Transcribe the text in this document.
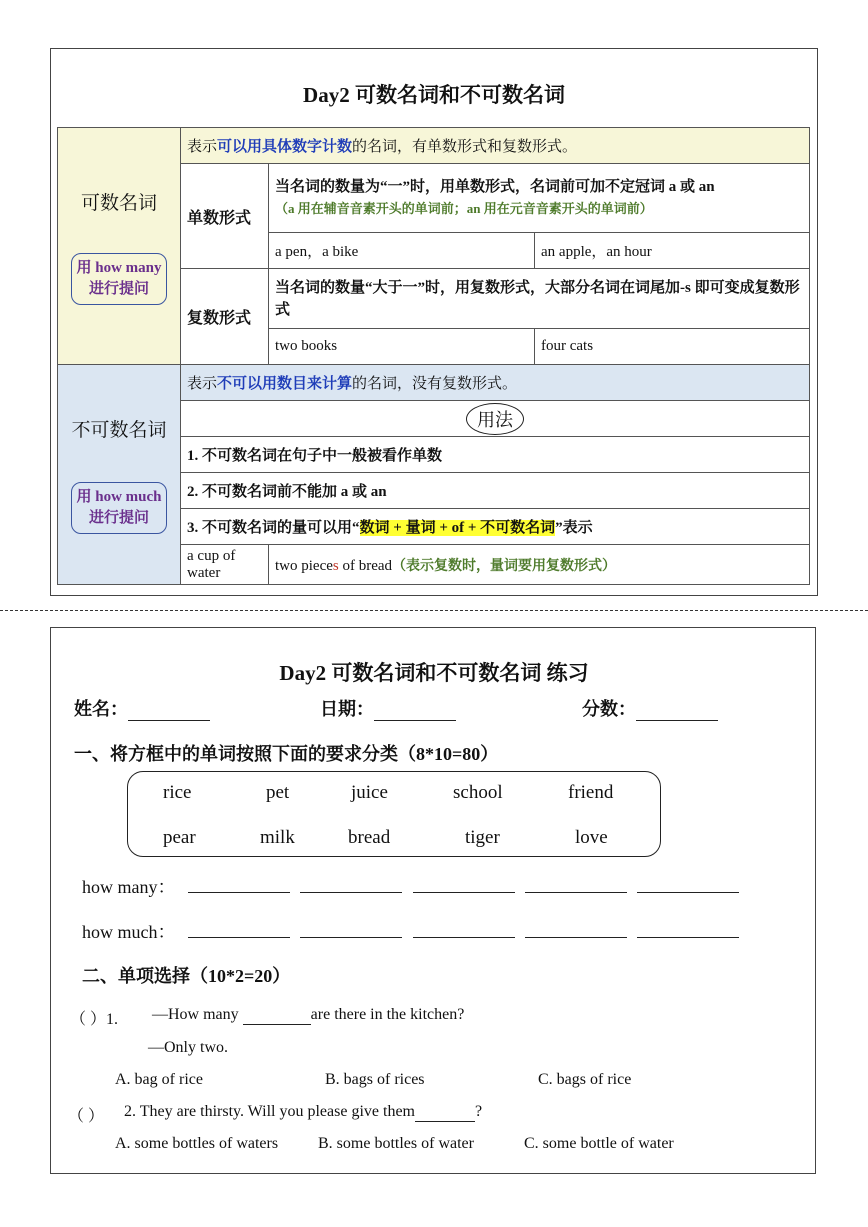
Day2 可数名词和不可数名词
可数名词
用 how many
进行提问	表示可以用具体数字计数的名词，有单数形式和复数形式。		
	单数形式	当名词的数量为“一”时，用单数形式，名词前可加不定冠词 a 或 an
（a 用在辅音音素开头的单词前；an 用在元音音素开头的单词前）	

		a pen，a bike	an apple，an hour
	复数形式	当名词的数量“大于一”时，用复数形式，大部分名词在词尾加-s 即可变成复数形式	
		two books	four cats

不可数名词
用 how much
进行提问	表示不可以用数目来计算的名词，没有复数形式。		
	用法		
	1. 不可数名词在句子中一般被看作单数		
	2. 不可数名词前不能加 a 或 an		
	3. 不可数名词的量可以用“数词 + 量词 + of + 不可数名词”表示		
	a cup of water	two pieces of bread（表示复数时，量词要用复数形式）	
Day2 可数名词和不可数名词 练习
姓名：	日期：	分数：
一、将方框中的单词按照下面的要求分类（8*10=80）
rice	pet	juice	school	friend
pear	milk	bread	tiger	love
how many：
how much：
二、单项选择（10*2=20）
（ ）1. —How many	are there in the kitchen?
—Only two.
A. bag of rice	B. bags of rices	C. bags of rice
（ ） 2. They are thirsty. Will you please give them	?
A. some bottles of waters B. some bottles of water	C. some bottle of water
